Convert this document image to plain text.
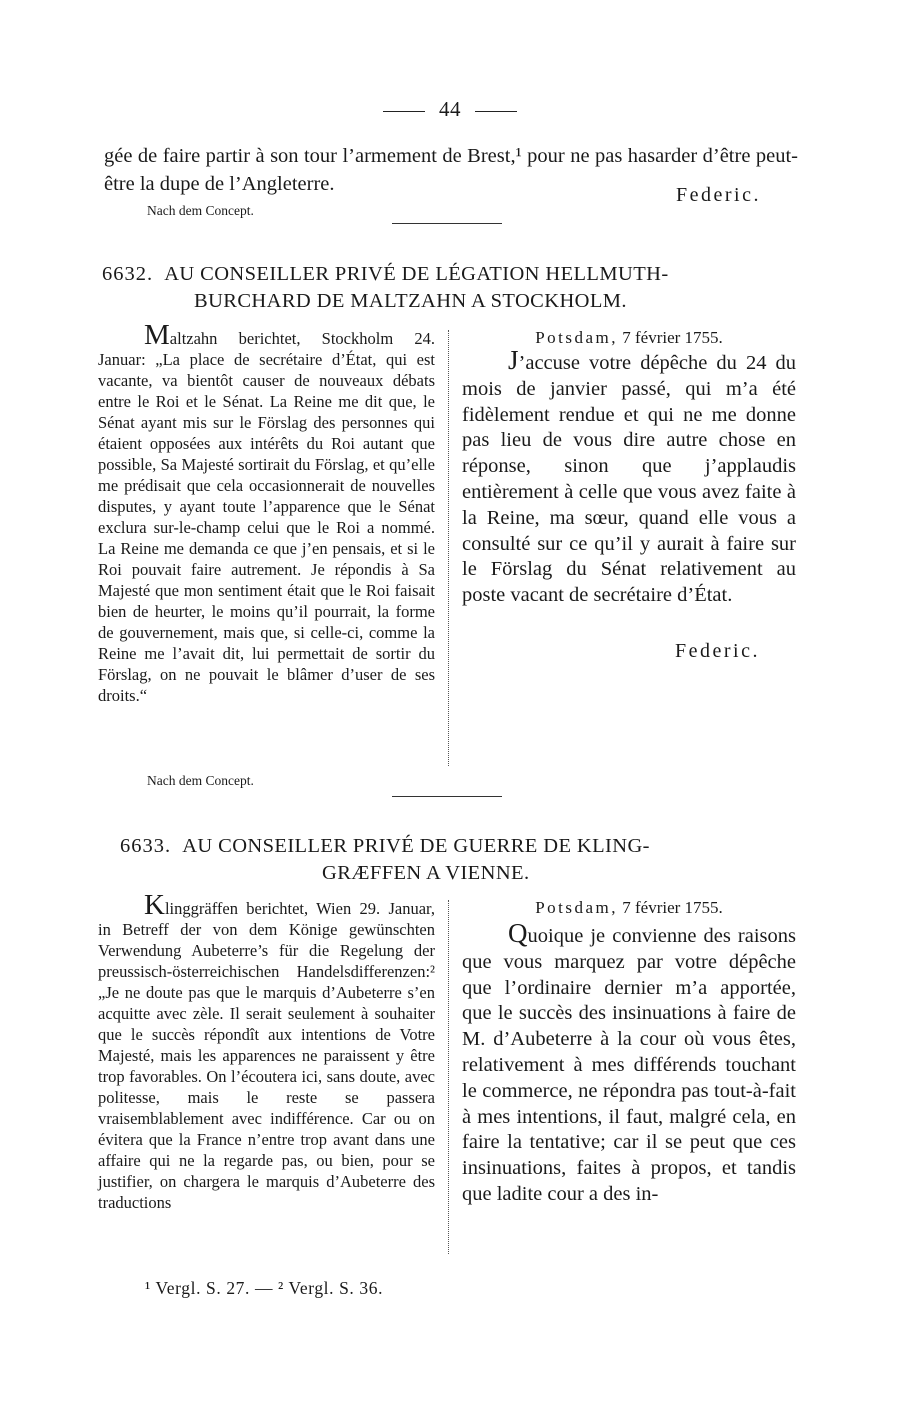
44

gée de faire partir à son tour l’armement de Brest,¹ pour ne pas hasarder d’être peut-être la dupe de l’Angleterre.	Federic.
Nach dem Concept.
6632. AU CONSEILLER PRIVÉ DE LÉGATION HELLMUTH-
BURCHARD DE MALTZAHN A STOCKHOLM.

Maltzahn berichtet, Stockholm 24. Januar: „La place de secrétaire d’État, qui est vacante, va bientôt causer de nouveaux débats entre le Roi et le Sénat. La Reine me dit que, le Sénat ayant mis sur le Förslag des personnes qui étaient opposées aux intérêts du Roi autant que possible, Sa Majesté sortirait du Förslag, et qu’elle me prédisait que cela occasionnerait de nouvelles disputes, y ayant toute l’apparence que le Sénat exclura sur-le-champ celui que le Roi a nommé. La Reine me demanda ce que j’en pensais, et si le Roi pouvait faire autrement. Je répondis à Sa Majesté que mon sentiment était que le Roi faisait bien de heurter, le moins qu’il pourrait, la forme de gouvernement, mais que, si celle-ci, comme la Reine me l’avait dit, lui permettait de sortir du Förslag, on ne pouvait le blâmer d’user de ses droits.“

Nach dem Concept.
Potsdam, 7 février 1755.

J’accuse votre dépêche du 24 du mois de janvier passé, qui m’a été fidèlement rendue et qui ne me donne pas lieu de vous dire autre chose en réponse, sinon que j’applaudis entièrement à celle que vous avez faite à la Reine, ma sœur, quand elle vous a consulté sur ce qu’il y aurait à faire sur le Förslag du Sénat relativement au poste vacant de secrétaire d’État.

Federic.
6633. AU CONSEILLER PRIVÉ DE GUERRE DE KLING-
GRÆFFEN A VIENNE.

Klinggräffen berichtet, Wien 29. Januar, in Betreff der von dem Könige gewünschten Verwendung Aubeterre’s für die Regelung der preussisch-österreichischen Handelsdifferenzen:² „Je ne doute pas que le marquis d’Aubeterre s’en acquitte avec zèle. Il serait seulement à souhaiter que le succès répondît aux intentions de Votre Majesté, mais les apparences ne paraissent y être trop favorables. On l’écoutera ici, sans doute, avec politesse, mais le reste se passera vraisemblablement avec indifférence. Car ou on évitera que la France n’entre trop avant dans une affaire qui ne la regarde pas, ou bien, pour se justifier, on chargera le marquis d’Aubeterre des traductions

Potsdam, 7 février 1755.

Quoique je convienne des raisons que vous marquez par votre dépêche que l’ordinaire dernier m’a apportée, que le succès des insinuations à faire de M. d’Aubeterre à la cour où vous êtes, relativement à mes différends touchant le commerce, ne répondra pas tout-à-fait à mes intentions, il faut, malgré cela, en faire la tentative; car il se peut que ces insinuations, faites à propos, et tandis que ladite cour a des in-

¹ Vergl. S. 27. — ² Vergl. S. 36.
